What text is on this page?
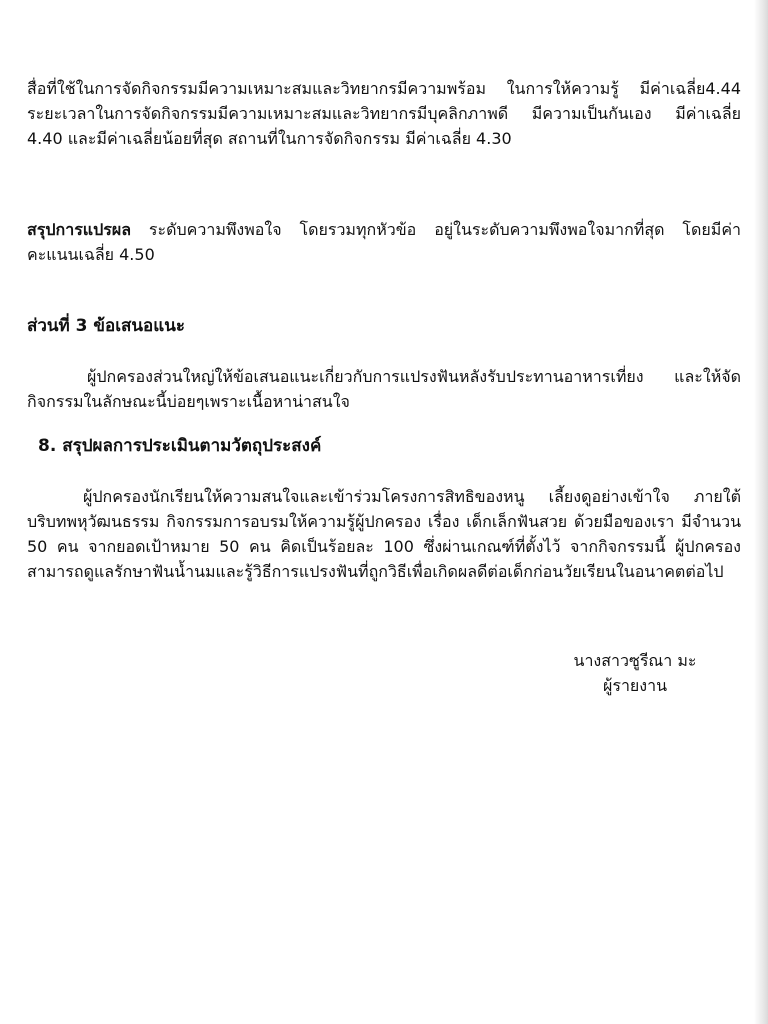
สื่อที่ใช้ในการจัดกิจกรรมมีความเหมาะสมและวิทยากรมีความพร้อม ในการให้ความรู้ มีค่าเฉลี่ย4.44 ระยะเวลาในการจัดกิจกรรมมีความเหมาะสมและวิทยากรมีบุคลิกภาพดี มีความเป็นกันเอง มีค่าเฉลี่ย 4.40 และมีค่าเฉลี่ยน้อยที่สุด สถานที่ในการจัดกิจกรรม มีค่าเฉลี่ย 4.30

สรุปการแปรผล ระดับความพึงพอใจ โดยรวมทุกหัวข้อ อยู่ในระดับความพึงพอใจมากที่สุด โดยมีค่าคะแนนเฉลี่ย 4.50

ส่วนที่ 3 ข้อเสนอแนะ

ผู้ปกครองส่วนใหญ่ให้ข้อเสนอแนะเกี่ยวกับการแปรงฟันหลังรับประทานอาหารเที่ยง และให้จัดกิจกรรมในลักษณะนี้บ่อยๆเพราะเนื้อหาน่าสนใจ

8. สรุปผลการประเมินตามวัตถุประสงค์

ผู้ปกครองนักเรียนให้ความสนใจและเข้าร่วมโครงการสิทธิของหนู เลี้ยงดูอย่างเข้าใจ ภายใต้บริบทพหุวัฒนธรรม กิจกรรมการอบรมให้ความรู้ผู้ปกครอง เรื่อง เด็กเล็กฟันสวย ด้วยมือของเรา มีจำนวน 50 คน จากยอดเป้าหมาย 50 คน คิดเป็นร้อยละ 100 ซึ่งผ่านเกณฑ์ที่ตั้งไว้ จากกิจกรรมนี้ ผู้ปกครองสามารถดูแลรักษาฟันน้ำนมและรู้วิธีการแปรงฟันที่ถูกวิธีเพื่อเกิดผลดีต่อเด็กก่อนวัยเรียนในอนาคตต่อไป

นางสาวซูรีณา มะ
ผู้รายงาน
